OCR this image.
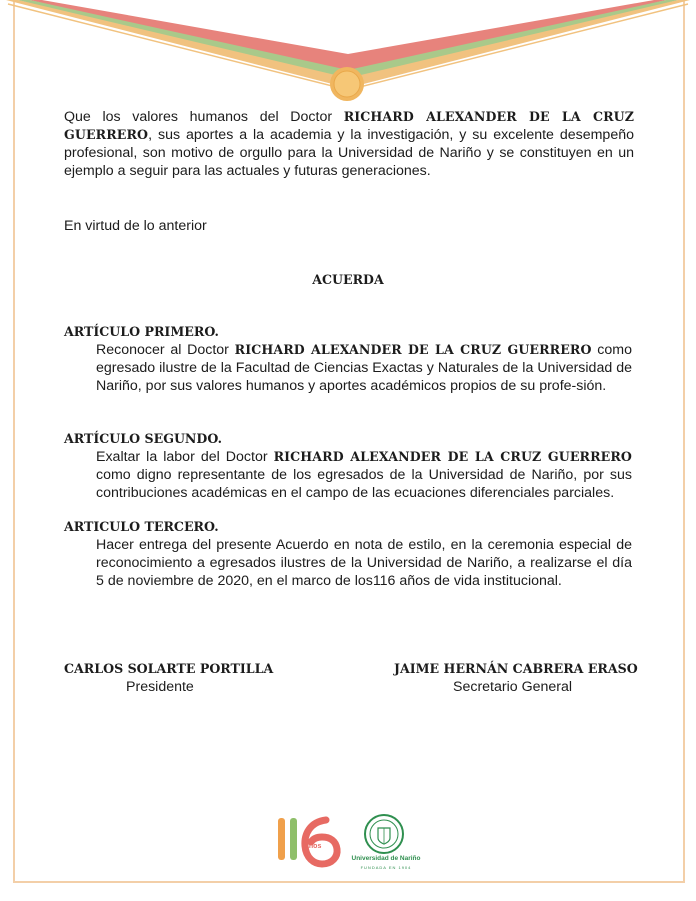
Que los valores humanos del Doctor RICHARD ALEXANDER DE LA CRUZ GUERRERO, sus aportes a la academia y la investigación, y su excelente desempeño profesional, son motivo de orgullo para la Universidad de Nariño y se constituyen en un ejemplo a seguir para las actuales y futuras generaciones.

En virtud de lo anterior

ACUERDA

ARTÍCULO PRIMERO.

Reconocer al Doctor RICHARD ALEXANDER DE LA CRUZ GUERRERO como egresado ilustre de la Facultad de Ciencias Exactas y Naturales de la Universidad de Nariño, por sus valores humanos y aportes académicos propios de su profe-sión.

ARTÍCULO SEGUNDO.

Exaltar la labor del Doctor RICHARD ALEXANDER DE LA CRUZ GUERRERO como digno representante de los egresados de la Universidad de Nariño, por sus contribuciones académicas en el campo de las ecuaciones diferenciales parciales.

ARTICULO TERCERO.

Hacer entrega del presente Acuerdo en nota de estilo, en la ceremonia especial de reconocimiento a egresados ilustres de la Universidad de Nariño, a realizarse el día 5 de noviembre de 2020, en el marco de los116 años de vida institucional.

CARLOS SOLARTE PORTILLA

Presidente

JAIME HERNÁN CABRERA ERASO

Secretario General

años
Universidad de Nariño
FUNDADA EN 1904
